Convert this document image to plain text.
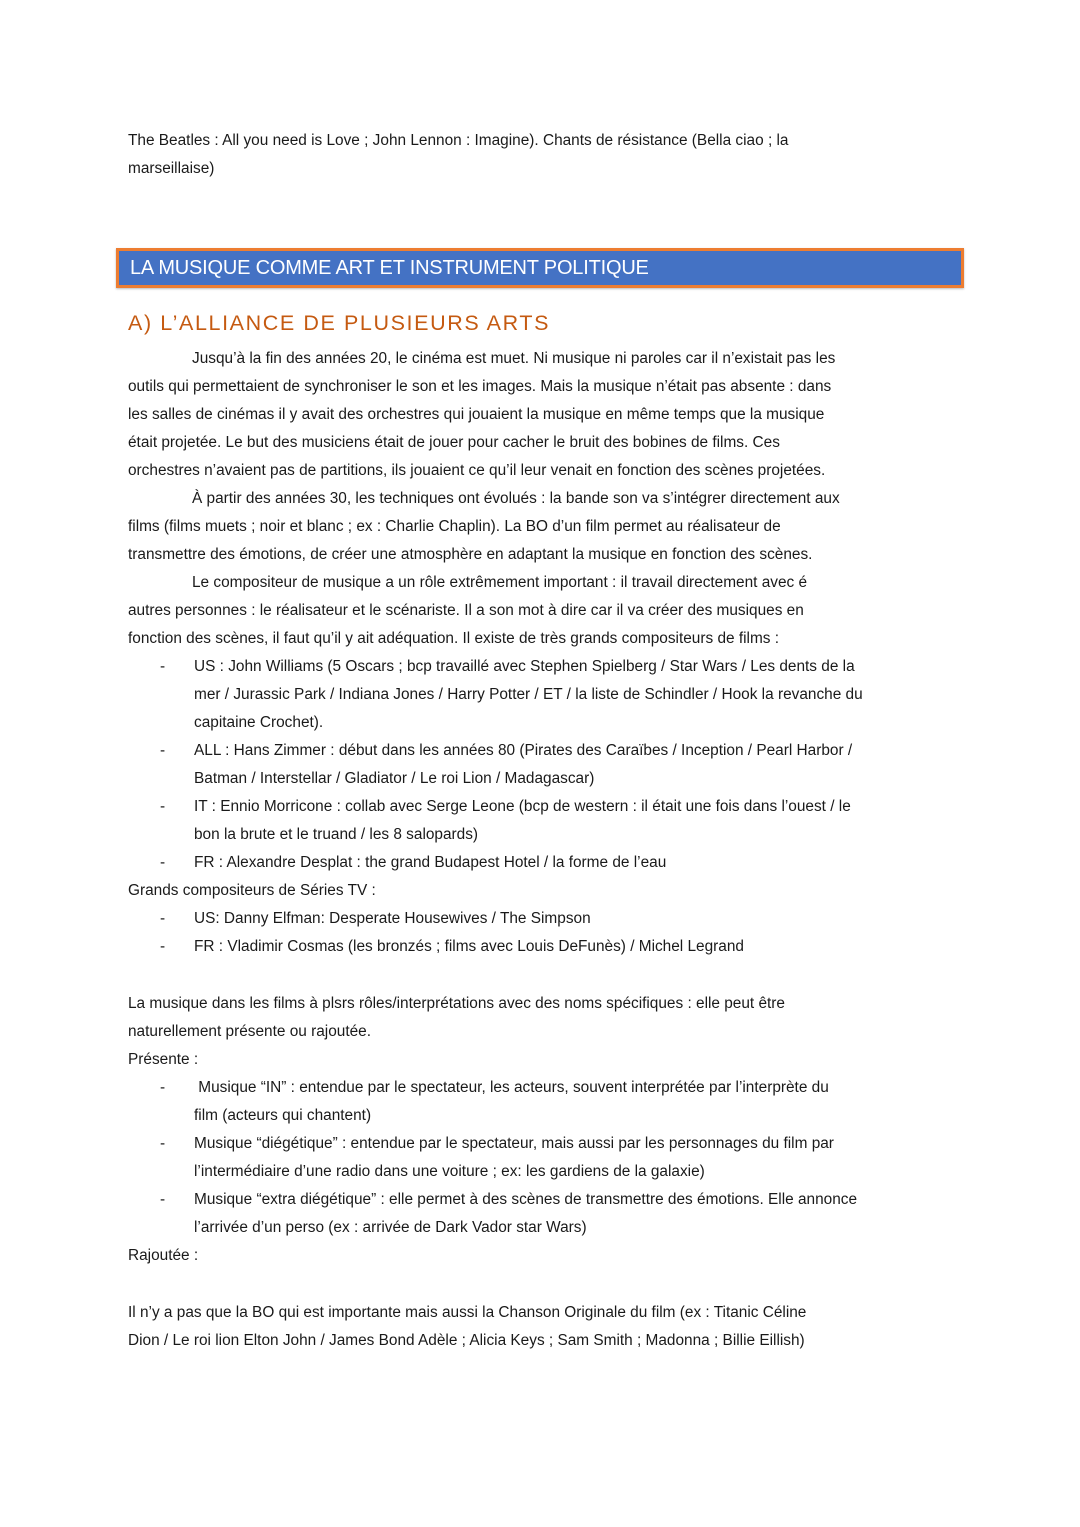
The Beatles : All you need is Love ; John Lennon : Imagine). Chants de résistance (Bella ciao ; la
marseillaise)
LA MUSIQUE COMME ART ET INSTRUMENT POLITIQUE
A) L’ALLIANCE DE PLUSIEURS ARTS
Jusqu’à la fin des années 20, le cinéma est muet. Ni musique ni paroles car il n’existait pas les
outils qui permettaient de synchroniser le son et les images. Mais la musique n’était pas absente : dans
les salles de cinémas il y avait des orchestres qui jouaient la musique en même temps que la musique
était projetée. Le but des musiciens était de jouer pour cacher le bruit des bobines de films. Ces
orchestres n’avaient pas de partitions, ils jouaient ce qu’il leur venait en fonction des scènes projetées.
À partir des années 30, les techniques ont évolués : la bande son va s’intégrer directement aux
films (films muets ; noir et blanc ; ex : Charlie Chaplin). La BO d’un film permet au réalisateur de
transmettre des émotions, de créer une atmosphère en adaptant la musique en fonction des scènes.
Le compositeur de musique a un rôle extrêmement important : il travail directement avec é
autres personnes : le réalisateur et le scénariste. Il a son mot à dire car il va créer des musiques en
fonction des scènes, il faut qu’il y ait adéquation. Il existe de très grands compositeurs de films :
- US : John Williams (5 Oscars ; bcp travaillé avec Stephen Spielberg / Star Wars / Les dents de la
mer / Jurassic Park / Indiana Jones / Harry Potter / ET / la liste de Schindler / Hook la revanche du
capitaine Crochet).
- ALL : Hans Zimmer : début dans les années 80 (Pirates des Caraïbes / Inception / Pearl Harbor /
Batman / Interstellar / Gladiator / Le roi Lion / Madagascar)
- IT : Ennio Morricone : collab avec Serge Leone (bcp de western : il était une fois dans l’ouest / le
bon la brute et le truand / les 8 salopards)
- FR : Alexandre Desplat : the grand Budapest Hotel / la forme de l’eau
Grands compositeurs de Séries TV :
- US: Danny Elfman: Desperate Housewives / The Simpson
- FR : Vladimir Cosmas (les bronzés ; films avec Louis DeFunès) / Michel Legrand
La musique dans les films à plsrs rôles/interprétations avec des noms spécifiques : elle peut être
naturellement présente ou rajoutée.
Présente :
- Musique “IN” : entendue par le spectateur, les acteurs, souvent interprétée par l’interprète du
film (acteurs qui chantent)
- Musique “diégétique” : entendue par le spectateur, mais aussi par les personnages du film par
l’intermédiaire d’une radio dans une voiture ; ex: les gardiens de la galaxie)
- Musique “extra diégétique” : elle permet à des scènes de transmettre des émotions. Elle annonce
l’arrivée d’un perso (ex : arrivée de Dark Vador star Wars)
Rajoutée :
Il n’y a pas que la BO qui est importante mais aussi la Chanson Originale du film (ex : Titanic Céline
Dion / Le roi lion Elton John / James Bond Adèle ; Alicia Keys ; Sam Smith ; Madonna ; Billie Eillish)
